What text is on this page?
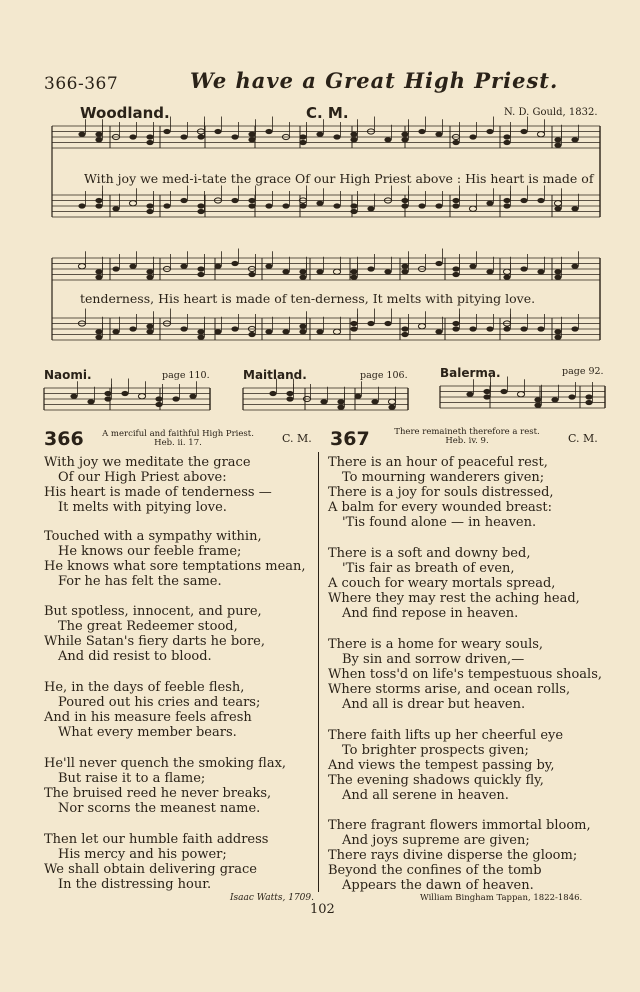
366-367	We have a Great High Priest.
Woodland.	C. M.	N. D. Gould, 1832.
With joy we med-i-tate the grace Of our High Priest above : His heart is made of
tenderness, His heart is made of ten-derness, It melts with pitying love.
Naomi.	page 110.	Maitland.	page 106.	Balerma.	page 92.
366	A merciful and faithful High Priest.
Heb. ii. 17.	C. M. 367	There remaineth therefore a rest.
Heb. iv. 9.	C. M.
With joy we meditate the grace
Of our High Priest above:
His heart is made of tenderness —
It melts with pitying love.
Touched with a sympathy within,
He knows our feeble frame;
He knows what sore temptations mean,
For he has felt the same.
But spotless, innocent, and pure,
The great Redeemer stood,
While Satan's fiery darts he bore,
And did resist to blood.
He, in the days of feeble flesh,
Poured out his cries and tears;
And in his measure feels afresh
What every member bears.
He'll never quench the smoking flax,
But raise it to a flame;
The bruised reed he never breaks,
Nor scorns the meanest name.
Then let our humble faith address
His mercy and his power;
We shall obtain delivering grace
In the distressing hour.
Isaac Watts, 1709.
There is an hour of peaceful rest,
To mourning wanderers given;
There is a joy for souls distressed,
A balm for every wounded breast:
'Tis found alone — in heaven.
There is a soft and downy bed,
'Tis fair as breath of even,
A couch for weary mortals spread,
Where they may rest the aching head,
And find repose in heaven.
There is a home for weary souls,
By sin and sorrow driven,—
When toss'd on life's tempestuous shoals,
Where storms arise, and ocean rolls,
And all is drear but heaven.
There faith lifts up her cheerful eye
To brighter prospects given;
And views the tempest passing by,
The evening shadows quickly fly,
And all serene in heaven.
There fragrant flowers immortal bloom,
And joys supreme are given;
There rays divine disperse the gloom;
Beyond the confines of the tomb
Appears the dawn of heaven.
William Bingham Tappan, 1822-1846.
102
